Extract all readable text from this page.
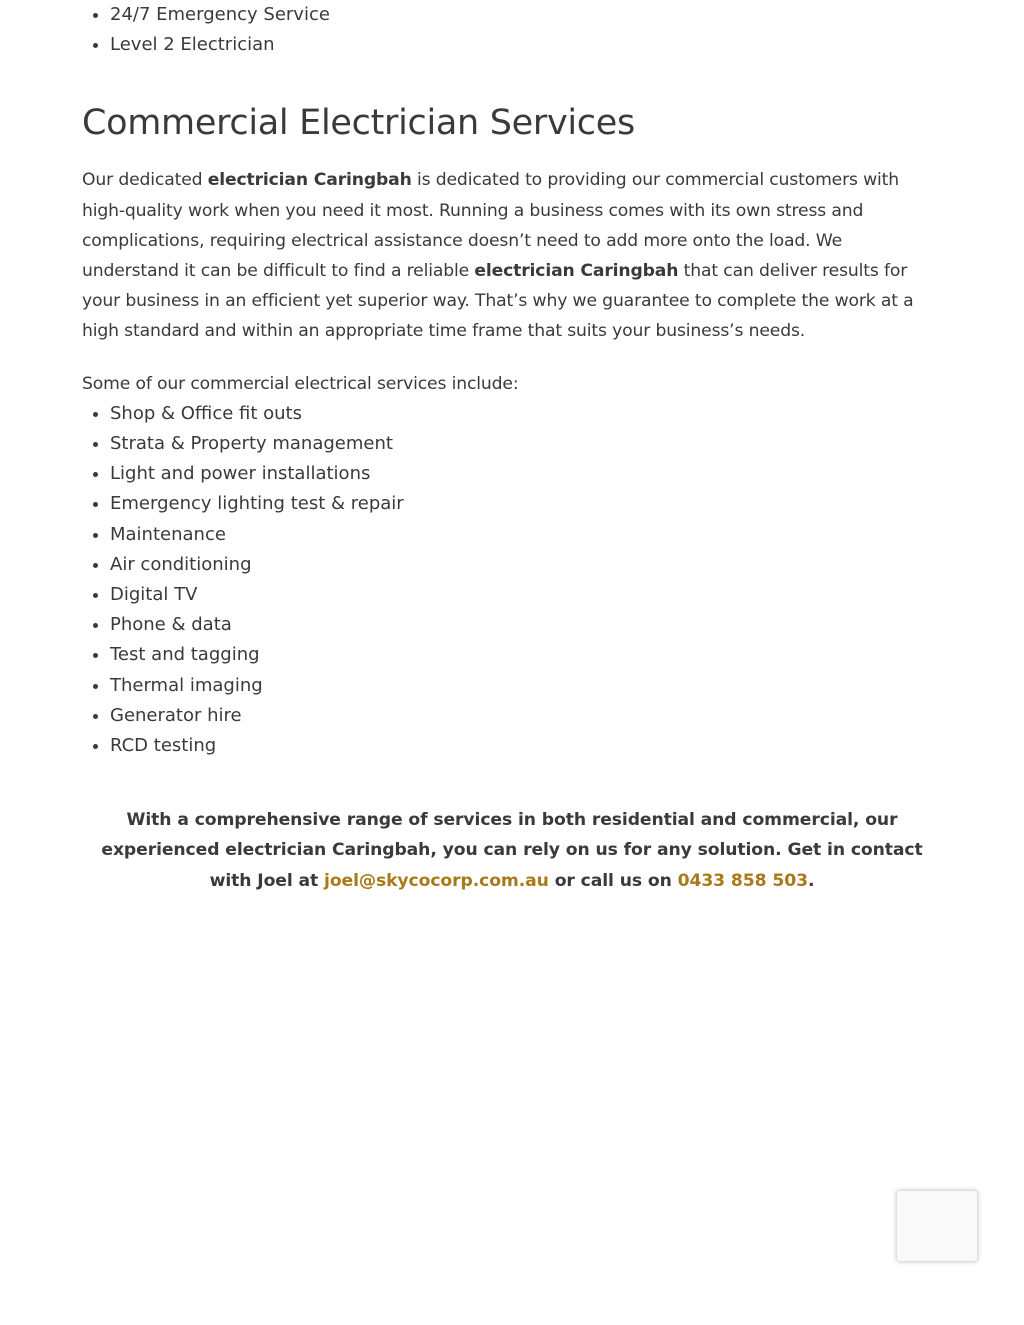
• 24/7 Emergency Service
• Level 2 Electrician
Commercial Electrician Services

Our dedicated electrician Caringbah is dedicated to providing our commercial customers with high-quality work when you need it most. Running a business comes with its own stress and complications, requiring electrical assistance doesn’t need to add more onto the load. We understand it can be difficult to find a reliable electrician Caringbah that can deliver results for your business in an efficient yet superior way. That’s why we guarantee to complete the work at a high standard and within an appropriate time frame that suits your business’s needs.

Some of our commercial electrical services include:

• Shop & Office fit outs
• Strata & Property management
• Light and power installations
• Emergency lighting test & repair
• Maintenance
• Air conditioning
• Digital TV
• Phone & data
• Test and tagging
• Thermal imaging
• Generator hire
• RCD testing

With a comprehensive range of services in both residential and commercial, our experienced electrician Caringbah, you can rely on us for any solution. Get in contact with Joel at joel@skycocorp.com.au or call us on 0433 858 503.
